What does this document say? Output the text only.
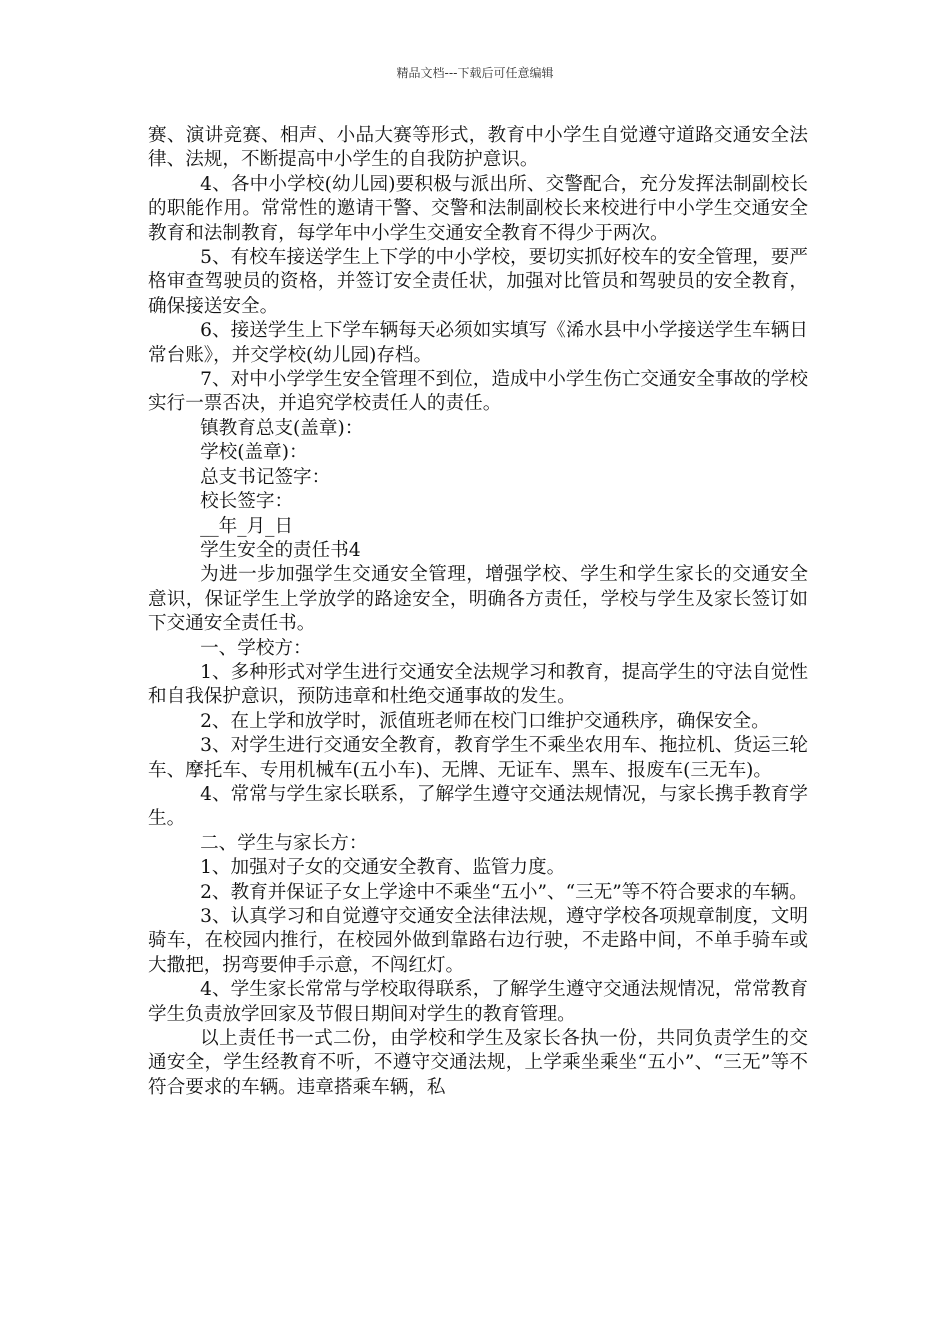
精品文档---下载后可任意编辑

赛、演讲竞赛、相声、小品大赛等形式，教育中小学生自觉遵守道路交通安全法律、法规，不断提高中小学生的自我防护意识。

4、各中小学校(幼儿园)要积极与派出所、交警配合，充分发挥法制副校长的职能作用。常常性的邀请干警、交警和法制副校长来校进行中小学生交通安全教育和法制教育，每学年中小学生交通安全教育不得少于两次。

5、有校车接送学生上下学的中小学校，要切实抓好校车的安全管理，要严格审查驾驶员的资格，并签订安全责任状，加强对比管员和驾驶员的安全教育，确保接送安全。

6、接送学生上下学车辆每天必须如实填写《浠水县中小学接送学生车辆日常台账》，并交学校(幼儿园)存档。

7、对中小学学生安全管理不到位，造成中小学生伤亡交通安全事故的学校实行一票否决，并追究学校责任人的责任。

镇教育总支(盖章)：

学校(盖章)：

总支书记签字：

校长签字：

__年_月_日

学生安全的责任书4

为进一步加强学生交通安全管理，增强学校、学生和学生家长的交通安全意识，保证学生上学放学的路途安全，明确各方责任，学校与学生及家长签订如下交通安全责任书。

一、学校方：

1、多种形式对学生进行交通安全法规学习和教育，提高学生的守法自觉性和自我保护意识，预防违章和杜绝交通事故的发生。

2、在上学和放学时，派值班老师在校门口维护交通秩序，确保安全。

3、对学生进行交通安全教育，教育学生不乘坐农用车、拖拉机、货运三轮车、摩托车、专用机械车(五小车)、无牌、无证车、黑车、报废车(三无车)。

4、常常与学生家长联系，了解学生遵守交通法规情况，与家长携手教育学生。

二、学生与家长方：

1、加强对子女的交通安全教育、监管力度。

2、教育并保证子女上学途中不乘坐“五小”、“三无”等不符合要求的车辆。

3、认真学习和自觉遵守交通安全法律法规，遵守学校各项规章制度，文明骑车，在校园内推行，在校园外做到靠路右边行驶，不走路中间，不单手骑车或大撒把，拐弯要伸手示意，不闯红灯。

4、学生家长常常与学校取得联系，了解学生遵守交通法规情况，常常教育学生负责放学回家及节假日期间对学生的教育管理。

以上责任书一式二份，由学校和学生及家长各执一份，共同负责学生的交通安全，学生经教育不听，不遵守交通法规，上学乘坐乘坐“五小”、“三无”等不符合要求的车辆。违章搭乘车辆，私
